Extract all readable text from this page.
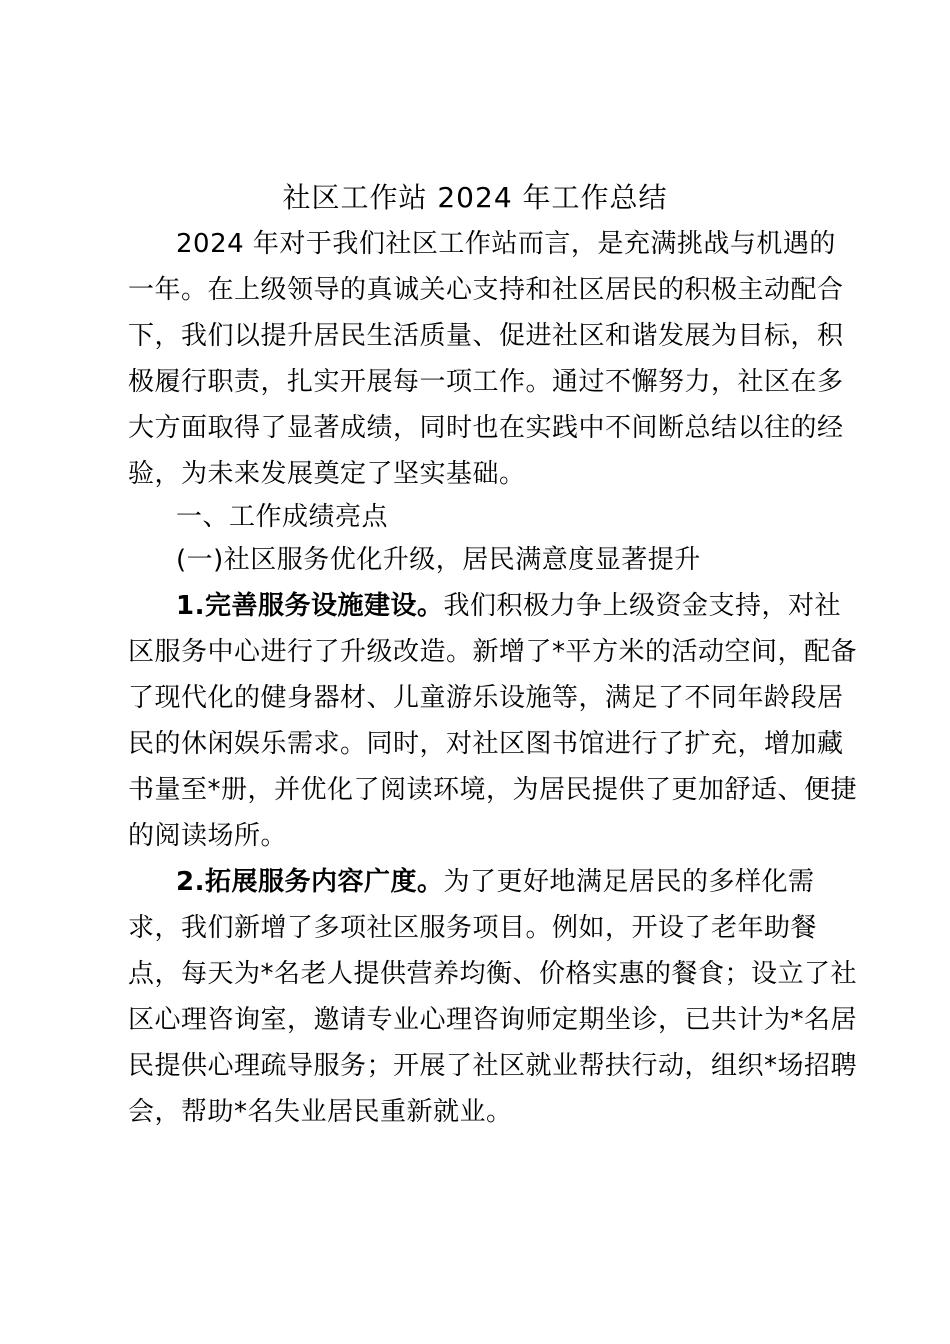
社区工作站 2024 年工作总结
2024 年对于我们社区工作站而言，是充满挑战与机遇的
一年。在上级领导的真诚关心支持和社区居民的积极主动配合
下，我们以提升居民生活质量、促进社区和谐发展为目标，积
极履行职责，扎实开展每一项工作。通过不懈努力，社区在多
大方面取得了显著成绩，同时也在实践中不间断总结以往的经
验，为未来发展奠定了坚实基础。
一、工作成绩亮点
(一)社区服务优化升级，居民满意度显著提升
1.完善服务设施建设。我们积极力争上级资金支持，对社
区服务中心进行了升级改造。新增了*平方米的活动空间，配备
了现代化的健身器材、儿童游乐设施等，满足了不同年龄段居
民的休闲娱乐需求。同时，对社区图书馆进行了扩充，增加藏
书量至*册，并优化了阅读环境，为居民提供了更加舒适、便捷
的阅读场所。
2.拓展服务内容广度。为了更好地满足居民的多样化需
求，我们新增了多项社区服务项目。例如，开设了老年助餐
点，每天为*名老人提供营养均衡、价格实惠的餐食；设立了社
区心理咨询室，邀请专业心理咨询师定期坐诊，已共计为*名居
民提供心理疏导服务；开展了社区就业帮扶行动，组织*场招聘
会，帮助*名失业居民重新就业。
